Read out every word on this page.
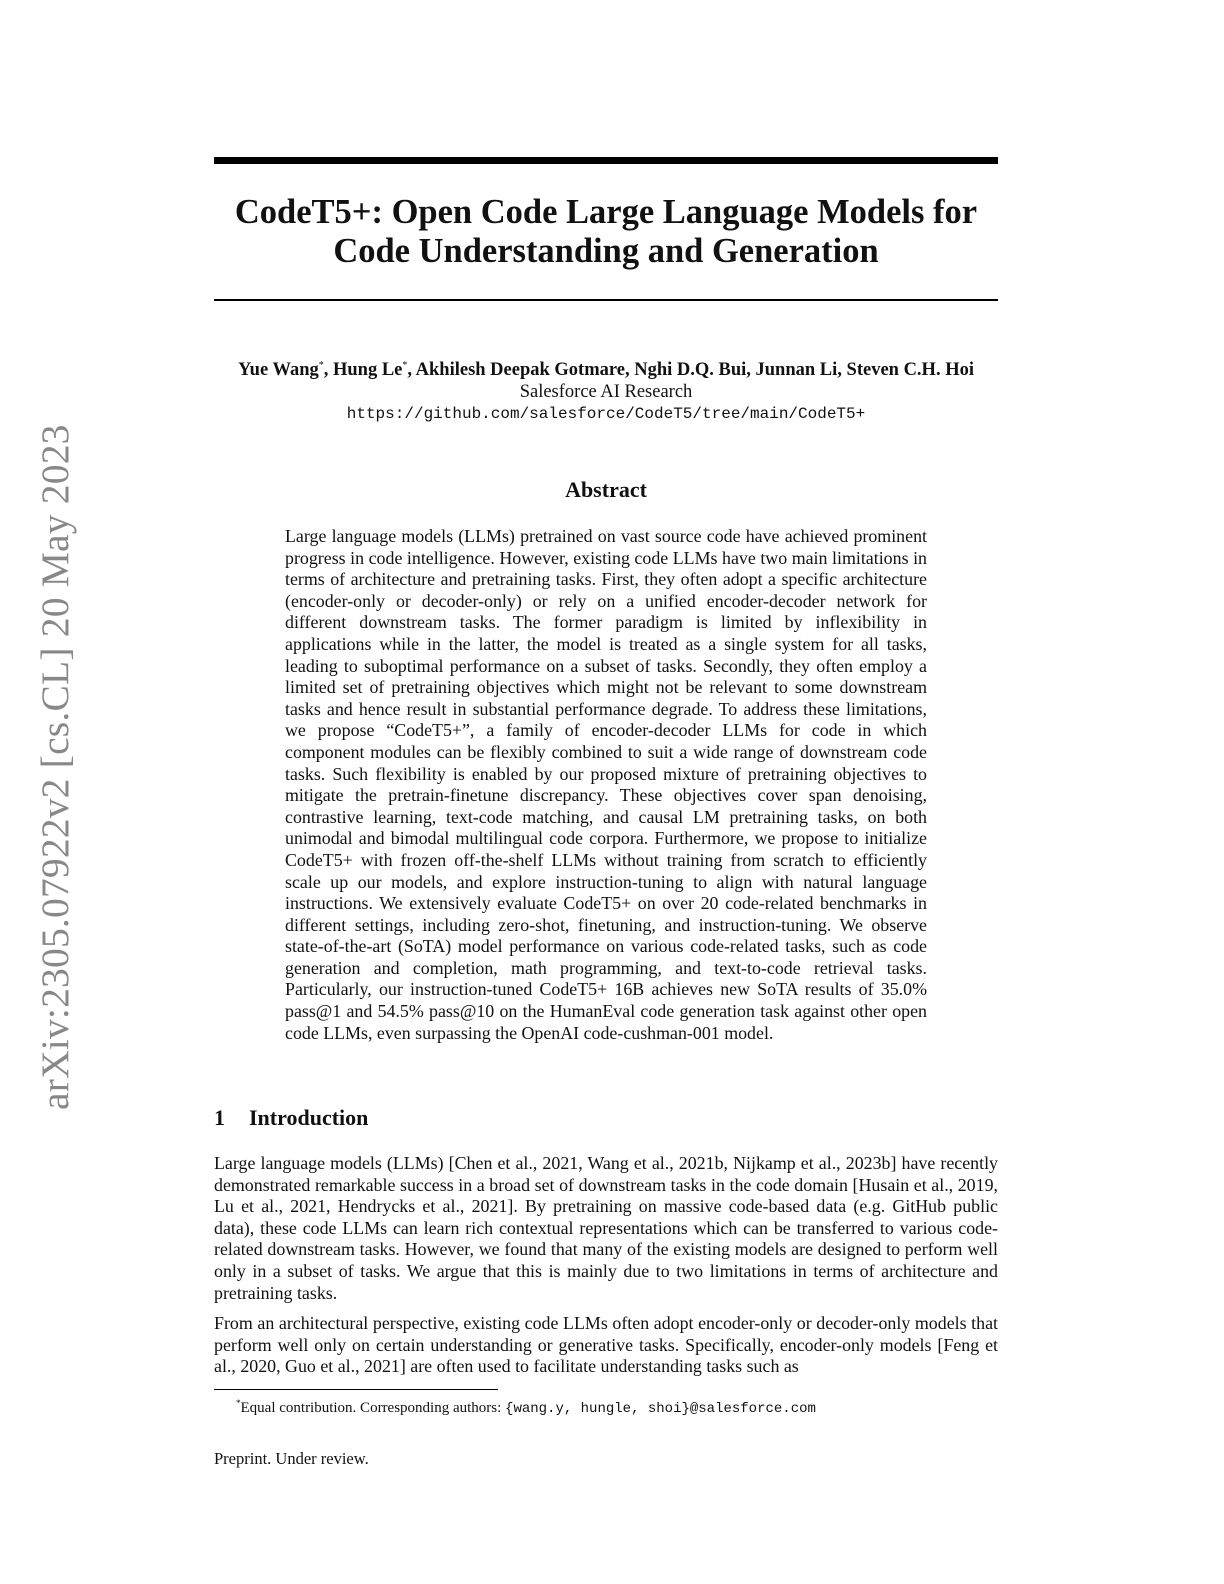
arXiv:2305.07922v2 [cs.CL] 20 May 2023
CodeT5+: Open Code Large Language Models for
Code Understanding and Generation
Yue Wang*, Hung Le*, Akhilesh Deepak Gotmare, Nghi D.Q. Bui, Junnan Li, Steven C.H. Hoi
Salesforce AI Research
https://github.com/salesforce/CodeT5/tree/main/CodeT5+
Abstract
Large language models (LLMs) pretrained on vast source code have achieved prominent progress in code intelligence. However, existing code LLMs have two main limitations in terms of architecture and pretraining tasks. First, they often adopt a specific architecture (encoder-only or decoder-only) or rely on a unified encoder-decoder network for different downstream tasks. The former paradigm is limited by inflexibility in applications while in the latter, the model is treated as a single system for all tasks, leading to suboptimal performance on a subset of tasks. Secondly, they often employ a limited set of pretraining objectives which might not be relevant to some downstream tasks and hence result in substantial performance degrade. To address these limitations, we propose “CodeT5+”, a family of encoder-decoder LLMs for code in which component modules can be flexibly combined to suit a wide range of downstream code tasks. Such flexibility is enabled by our proposed mixture of pretraining objectives to mitigate the pretrain-finetune discrepancy. These objectives cover span denoising, contrastive learning, text-code matching, and causal LM pretraining tasks, on both unimodal and bimodal multilingual code corpora. Furthermore, we propose to initialize CodeT5+ with frozen off-the-shelf LLMs without training from scratch to efficiently scale up our models, and explore instruction-tuning to align with natural language instructions. We extensively evaluate CodeT5+ on over 20 code-related benchmarks in different settings, including zero-shot, finetuning, and instruction-tuning. We observe state-of-the-art (SoTA) model performance on various code-related tasks, such as code generation and completion, math programming, and text-to-code retrieval tasks. Particularly, our instruction-tuned CodeT5+ 16B achieves new SoTA results of 35.0% pass@1 and 54.5% pass@10 on the HumanEval code generation task against other open code LLMs, even surpassing the OpenAI code-cushman-001 model.
1 Introduction

Large language models (LLMs) [Chen et al., 2021, Wang et al., 2021b, Nijkamp et al., 2023b] have recently demonstrated remarkable success in a broad set of downstream tasks in the code domain [Husain et al., 2019, Lu et al., 2021, Hendrycks et al., 2021]. By pretraining on massive code-based data (e.g. GitHub public data), these code LLMs can learn rich contextual representations which can be transferred to various code-related downstream tasks. However, we found that many of the existing models are designed to perform well only in a subset of tasks. We argue that this is mainly due to two limitations in terms of architecture and pretraining tasks.

From an architectural perspective, existing code LLMs often adopt encoder-only or decoder-only models that perform well only on certain understanding or generative tasks. Specifically, encoder-only models [Feng et al., 2020, Guo et al., 2021] are often used to facilitate understanding tasks such as

*Equal contribution. Corresponding authors: {wang.y, hungle, shoi}@salesforce.com
Preprint. Under review.
